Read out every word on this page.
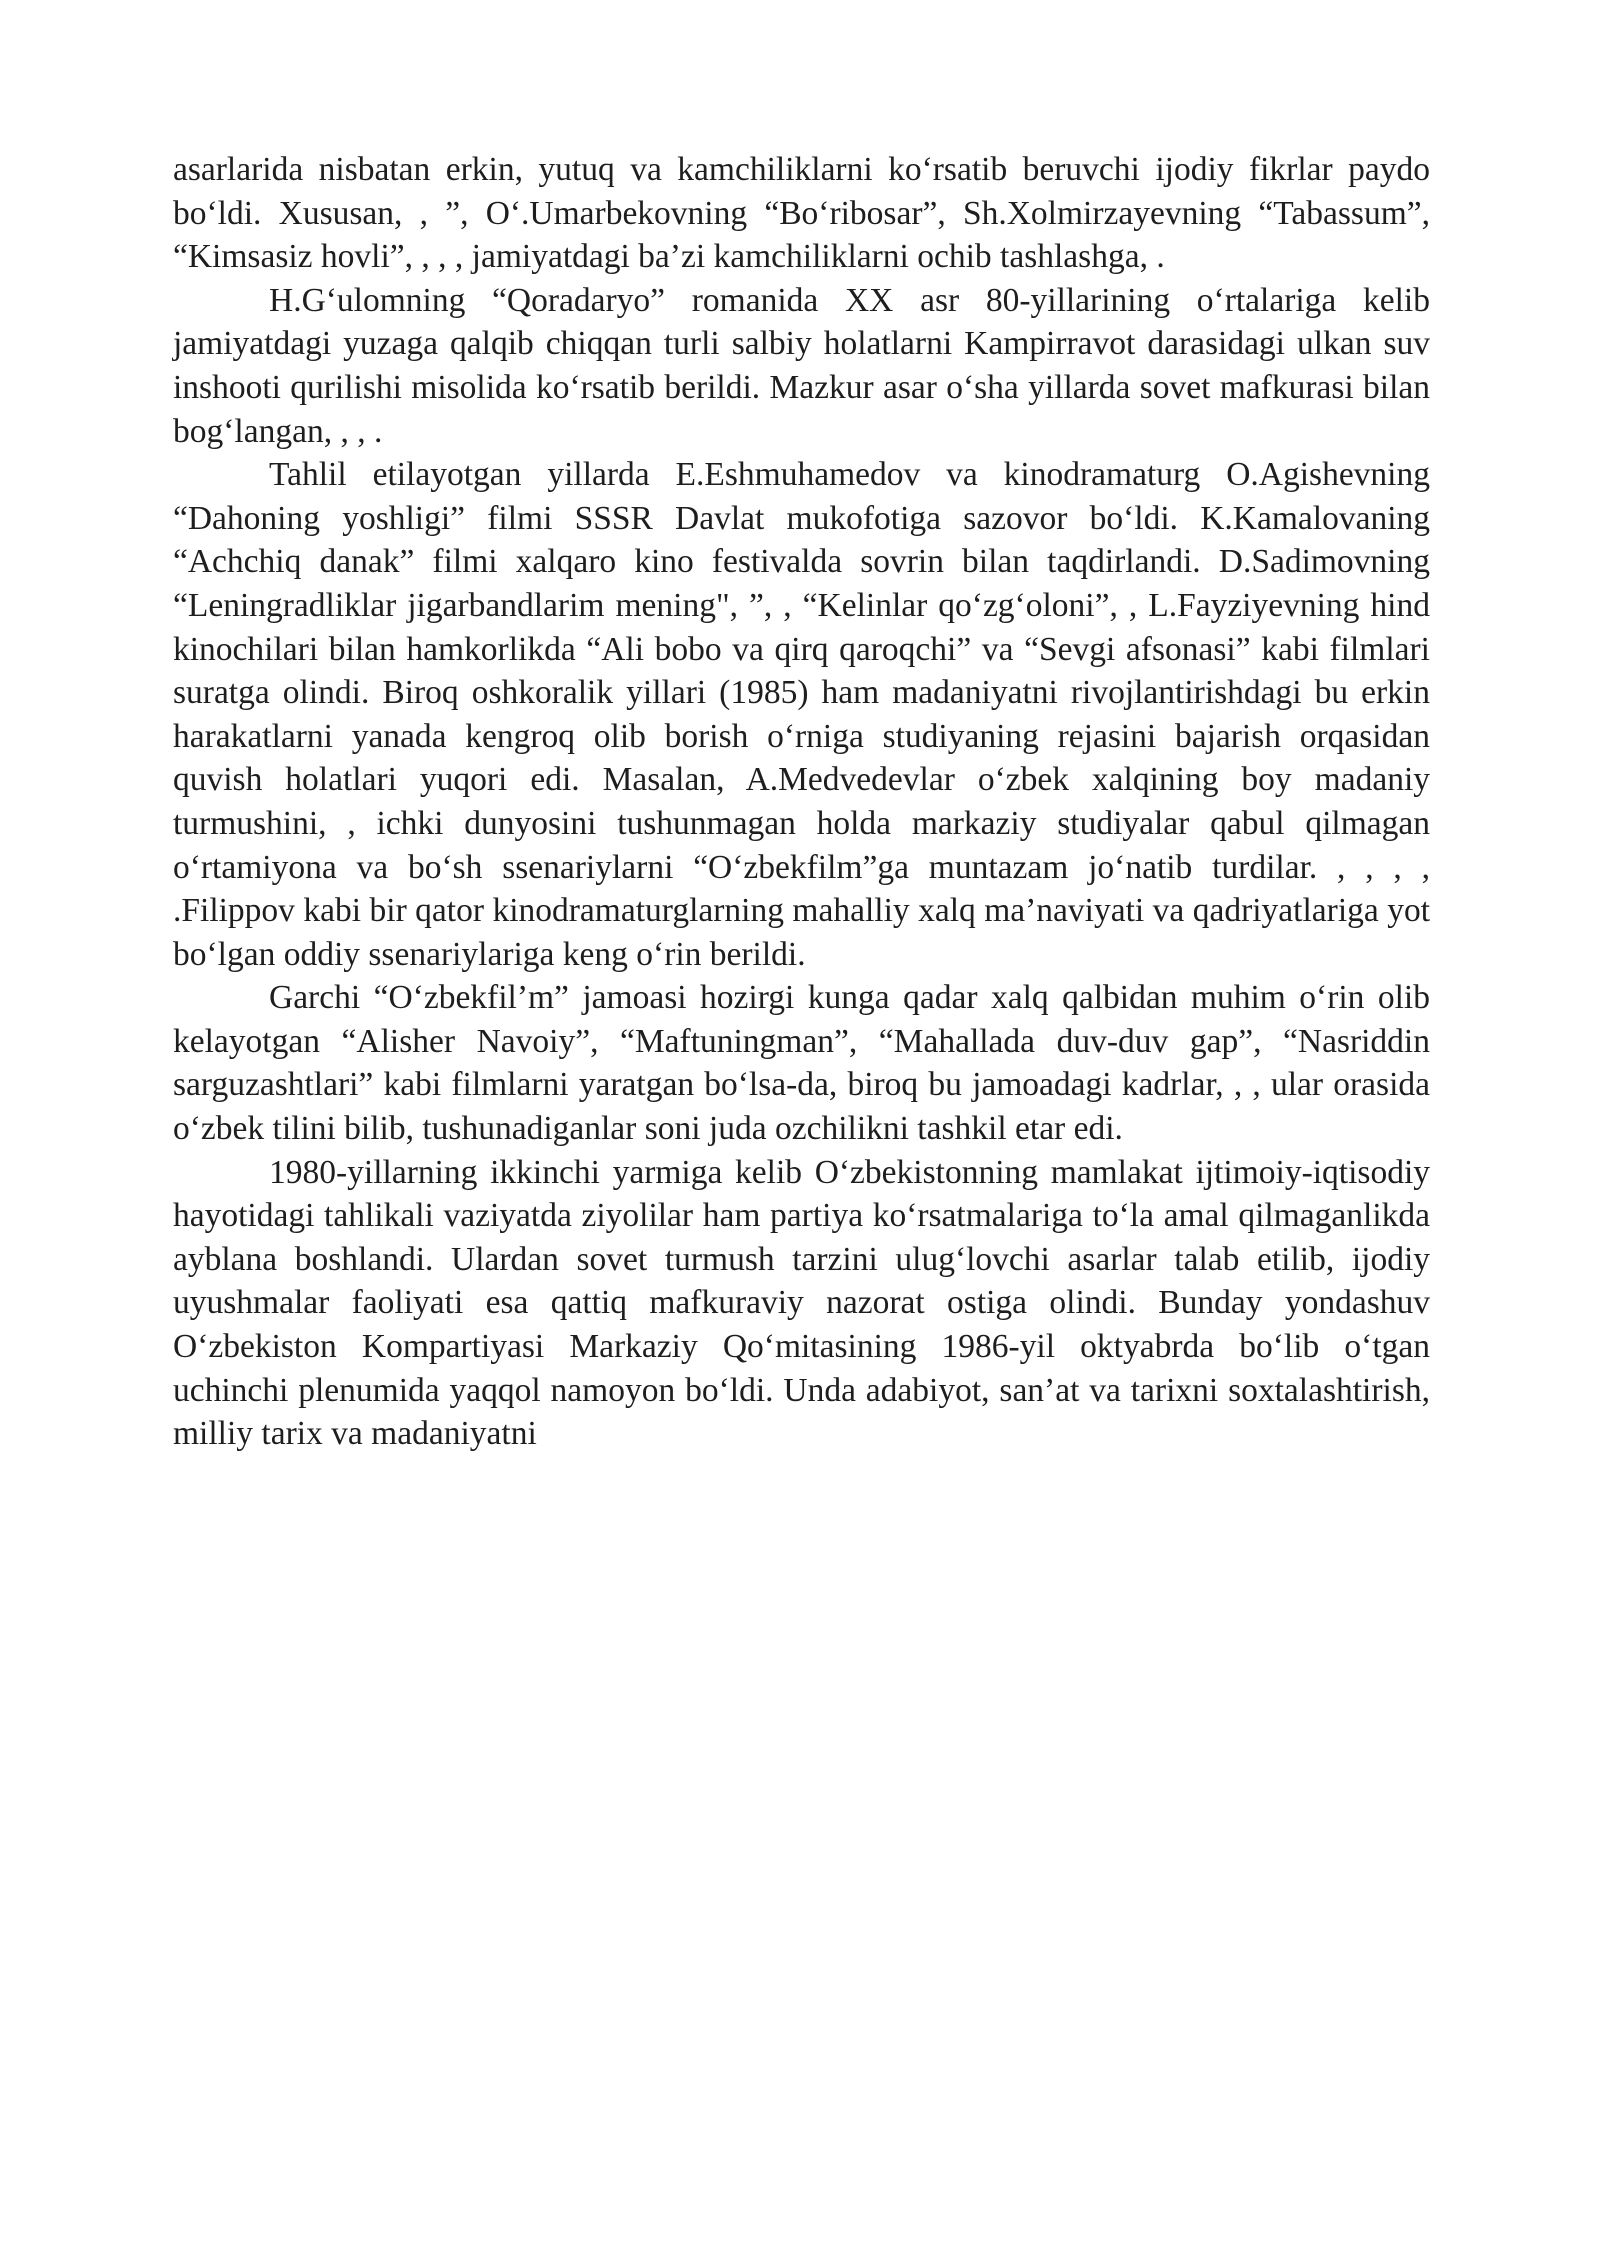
asarlarida nisbatan erkin, yutuq va kamchiliklarni koʻrsatib beruvchi ijodiy fikrlar paydo boʻldi. Xususan, , ”, Oʻ.Umarbekovning “Boʻribosar”, Sh.Xolmirzayevning “Tabassum”, “Kimsasiz hovli”, , , , jamiyatdagi ba’zi kamchiliklarni ochib tashlashga, .

H.Gʻulomning “Qoradaryo” romanida XX asr 80-yillarining oʻrtalariga kelib jamiyatdagi yuzaga qalqib chiqqan turli salbiy holatlarni Kampirravot darasidagi ulkan suv inshooti qurilishi misolida koʻrsatib berildi. Mazkur asar oʻsha yillarda sovet mafkurasi bilan bogʻlangan, , , .

Tahlil etilayotgan yillarda E.Eshmuhamedov va kinodramaturg O.Agishevning “Dahoning yoshligi” filmi SSSR Davlat mukofotiga sazovor boʻldi. K.Kamalovaning “Achchiq danak” filmi xalqaro kino festivalda sovrin bilan taqdirlandi. D.Sadimovning “Leningradliklar jigarbandlarim mening", ”, , “Kelinlar qoʻzgʻoloni”, , L.Fayziyevning hind kinochilari bilan hamkorlikda “Ali bobo va qirq qaroqchi” va “Sevgi afsonasi” kabi filmlari suratga olindi. Biroq oshkoralik yillari (1985) ham madaniyatni rivojlantirishdagi bu erkin harakatlarni yanada kengroq olib borish oʻrniga studiyaning rejasini bajarish orqasidan quvish holatlari yuqori edi. Masalan, A.Medvedevlar oʻzbek xalqining boy madaniy turmushini, , ichki dunyosini tushunmagan holda markaziy studiyalar qabul qilmagan oʻrtamiyona va boʻsh ssenariylarni “Oʻzbekfilm”ga muntazam joʻnatib turdilar. , , , , .Filippov kabi bir qator kinodramaturglarning mahalliy xalq ma’naviyati va qadriyatlariga yot boʻlgan oddiy ssenariylariga keng oʻrin berildi.

Garchi “Oʻzbekfil’m” jamoasi hozirgi kunga qadar xalq qalbidan muhim oʻrin olib kelayotgan “Alisher Navoiy”, “Maftuningman”, “Mahallada duv-duv gap”, “Nasriddin sarguzashtlari” kabi filmlarni yaratgan boʻlsa-da, biroq bu jamoadagi kadrlar, , , ular orasida oʻzbek tilini bilib, tushunadiganlar soni juda ozchilikni tashkil etar edi.

1980-yillarning ikkinchi yarmiga kelib Oʻzbekistonning mamlakat ijtimoiy-iqtisodiy hayotidagi tahlikali vaziyatda ziyolilar ham partiya koʻrsatmalariga toʻla amal qilmaganlikda ayblana boshlandi. Ulardan sovet turmush tarzini ulugʻlovchi asarlar talab etilib, ijodiy uyushmalar faoliyati esa qattiq mafkuraviy nazorat ostiga olindi. Bunday yondashuv Oʻzbekiston Kompartiyasi Markaziy Qoʻmitasining 1986-yil oktyabrda boʻlib oʻtgan uchinchi plenumida yaqqol namoyon boʻldi. Unda adabiyot, san’at va tarixni soxtalashtirish, milliy tarix va madaniyatni
